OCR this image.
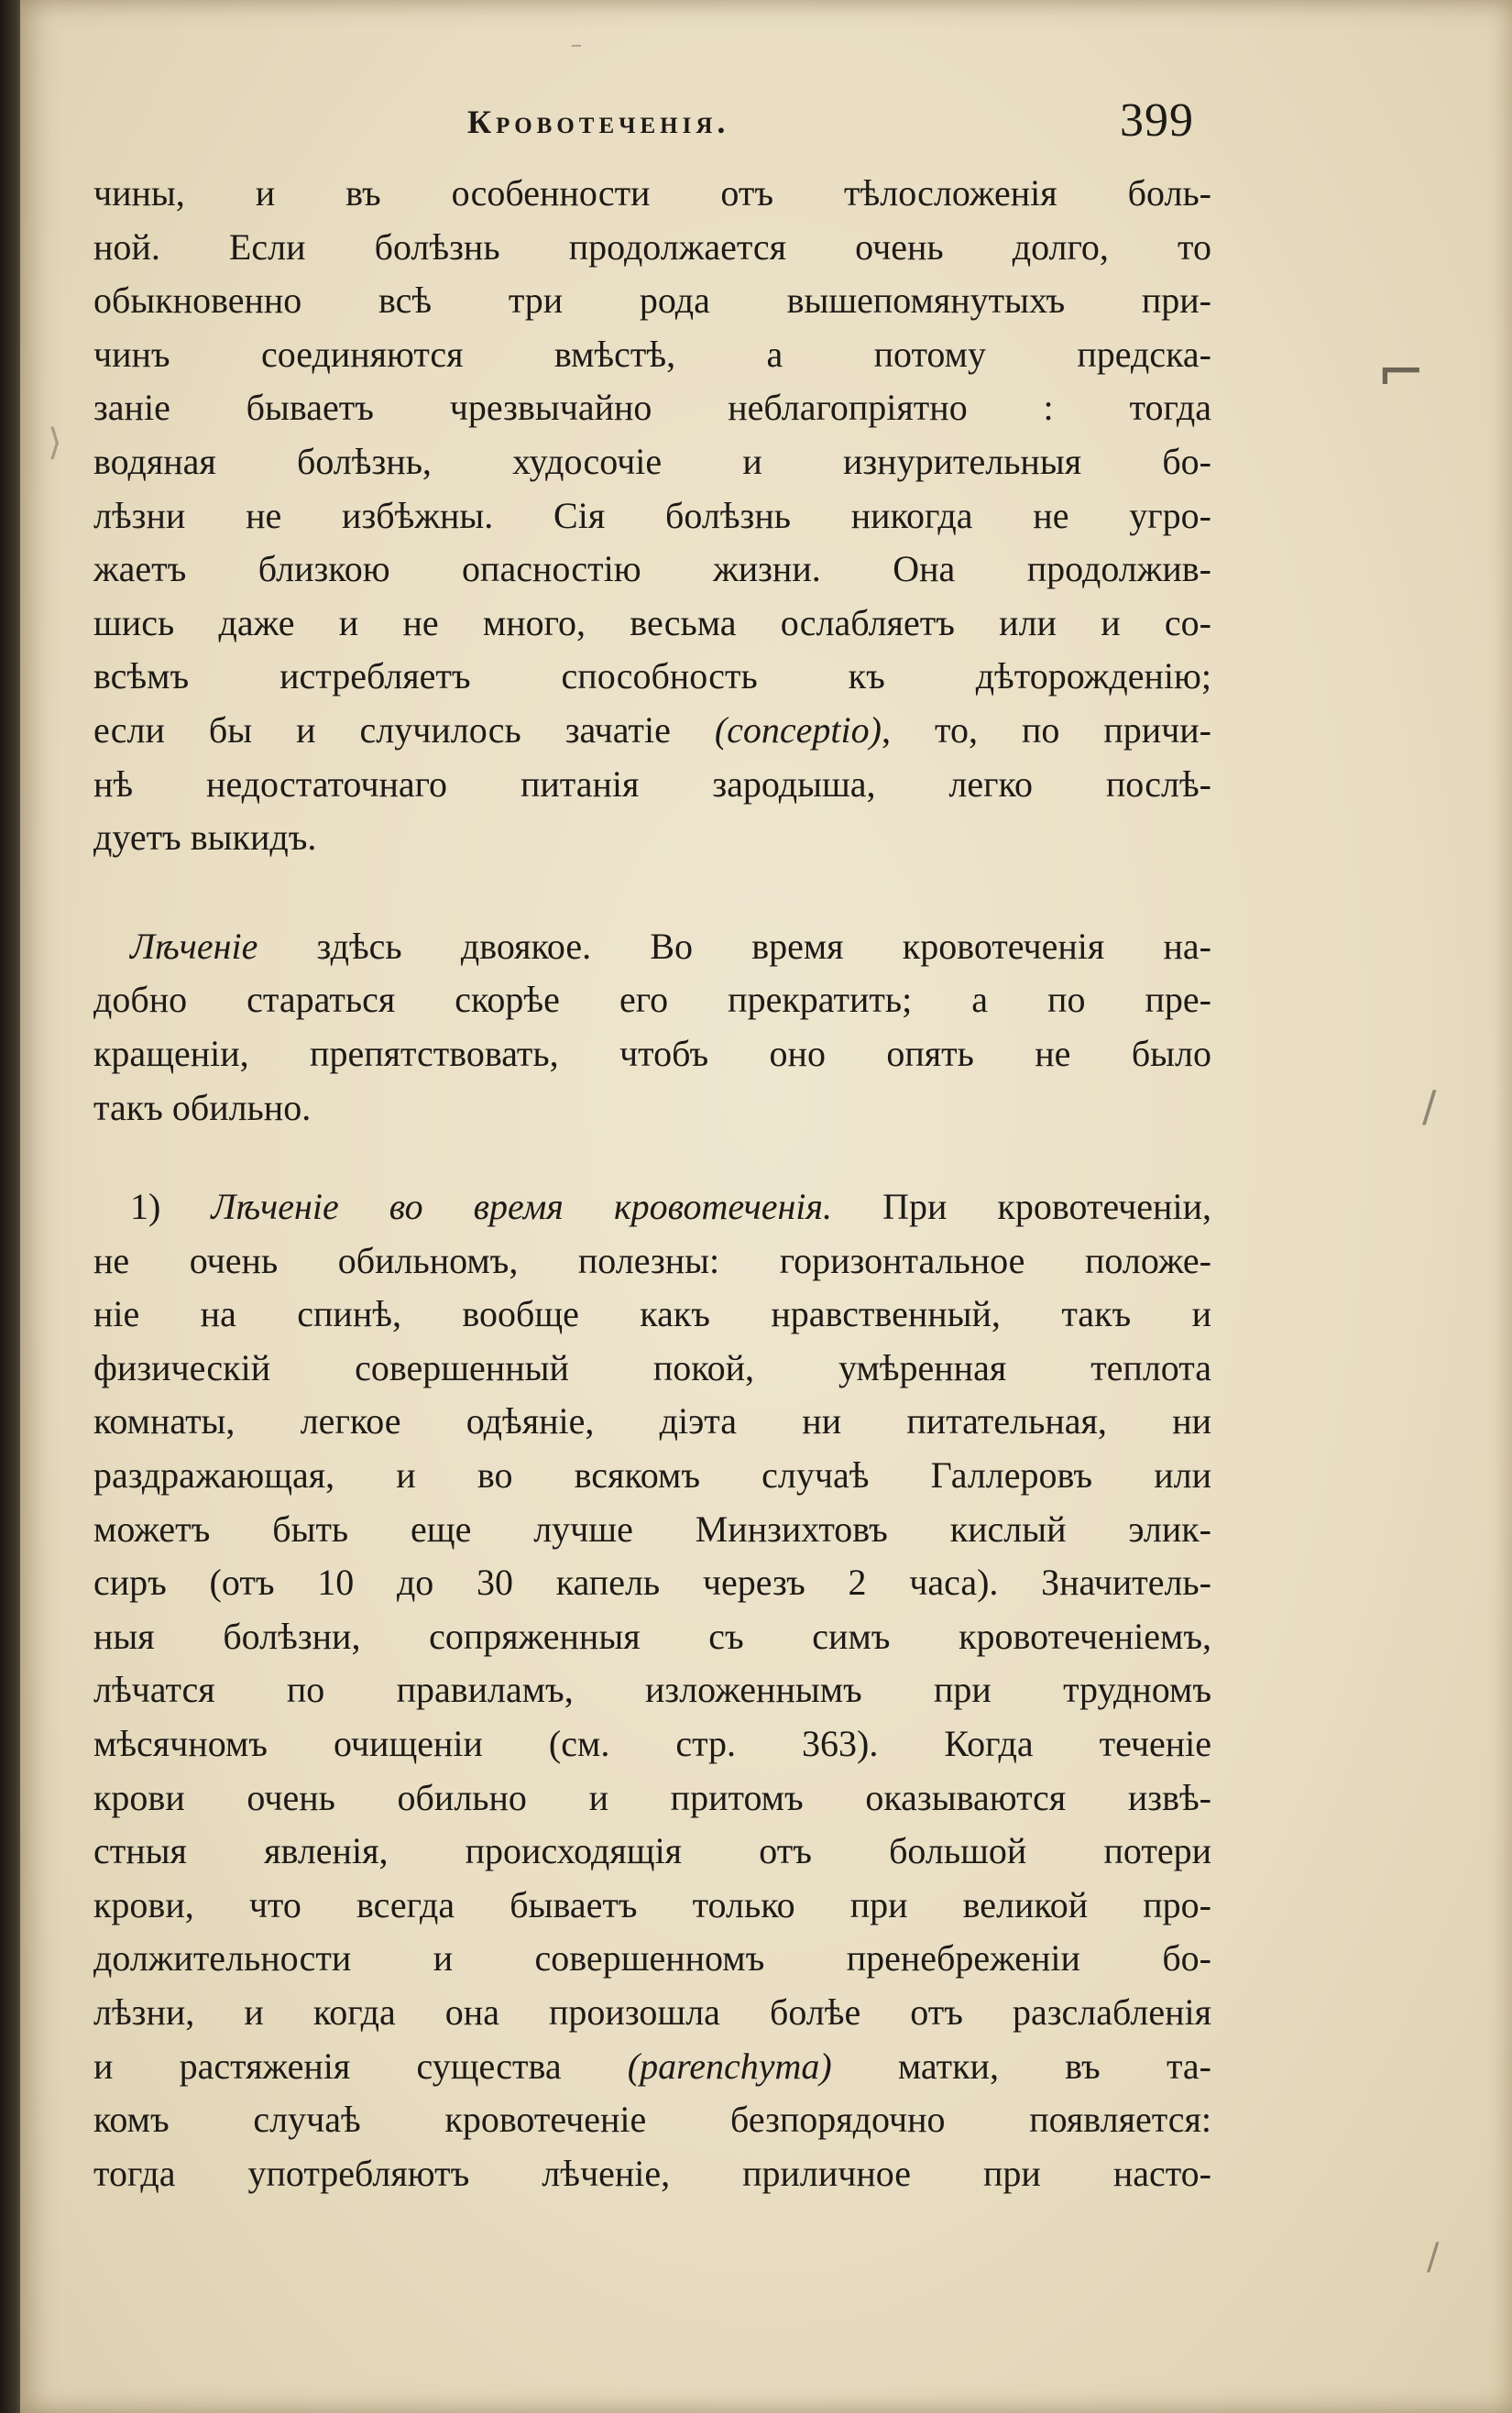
⁻
⌐
/
/
⟩
Кровотеченія.	399
чины, и въ особенности отъ тѣлосложенія боль-
ной. Если болѣзнь продолжается очень долго, то
обыкновенно всѣ три рода вышепомянутыхъ при-
чинъ соединяются вмѣстѣ, а потому предска-
заніе бываетъ чрезвычайно неблагопріятно : тогда
водяная болѣзнь, худосочіе и изнурительныя бо-
лѣзни не избѣжны. Сія болѣзнь никогда не угро-
жаетъ близкою опасностію жизни. Она продолжив-
шись даже и не много, весьма ослабляетъ или и со-
всѣмъ истребляетъ способность къ дѣторожденію;
если бы и случилось зачатіе (conceptio), то, по причи-
нѣ недостаточнаго питанія зародыша, легко послѣ-
дуетъ выкидъ.
Лѣченіе здѣсь двоякое. Во время кровотеченія на-
добно стараться скорѣе его прекратить; а по пре-
кращеніи, препятствовать, чтобъ оно опять не было
такъ обильно.
1) Лѣченіе во время кровотеченія. При кровотеченіи,
не очень обильномъ, полезны: горизонтальное положе-
ніе на спинѣ, вообще какъ нравственный, такъ и
физическій совершенный покой, умѣренная теплота
комнаты, легкое одѣяніе, діэта ни питательная, ни
раздражающая, и во всякомъ случаѣ Галлеровъ или
можетъ быть еще лучше Минзихтовъ кислый элик-
сиръ (отъ 10 до 30 капель черезъ 2 часа). Значитель-
ныя болѣзни, сопряженныя съ симъ кровотеченіемъ,
лѣчатся по правиламъ, изложеннымъ при трудномъ
мѣсячномъ очищеніи (см. стр. 363). Когда теченіе
крови очень обильно и притомъ оказываются извѣ-
стныя явленія, происходящія отъ большой потери
крови, что всегда бываетъ только при великой про-
должительности и совершенномъ пренебреженіи бо-
лѣзни, и когда она произошла болѣе отъ разслабленія
и растяженія существа (parenchyma) матки, въ та-
комъ случаѣ кровотеченіе безпорядочно появляется:
тогда употребляютъ лѣченіе, приличное при насто-
